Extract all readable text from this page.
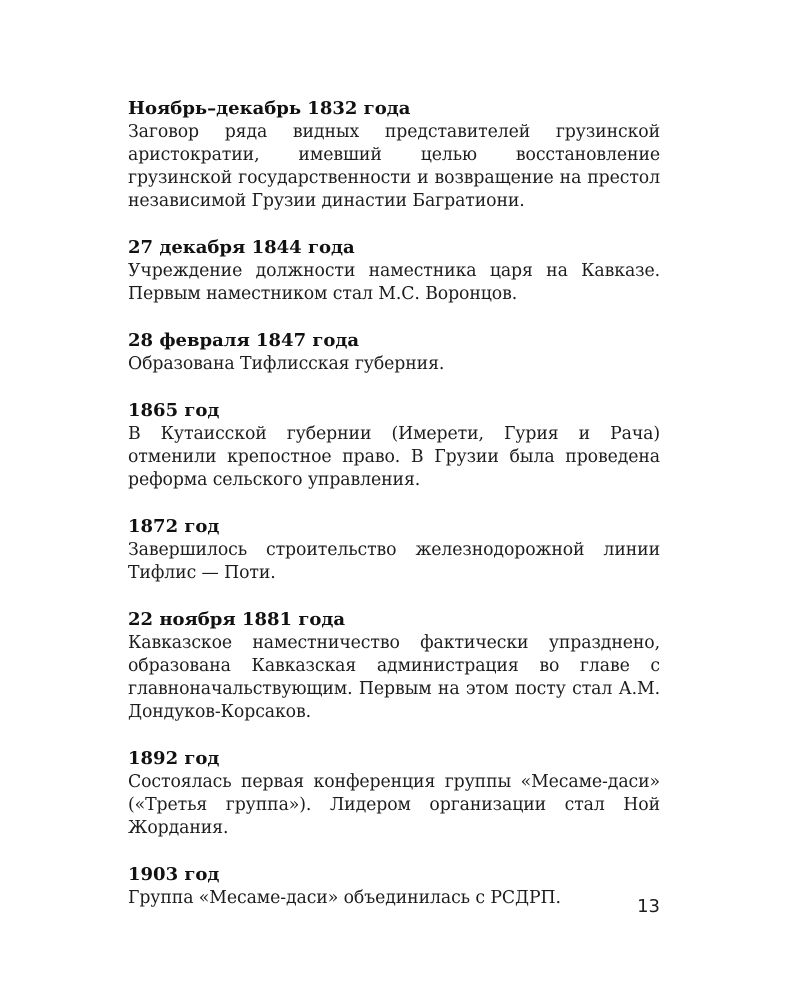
Ноябрь–декабрь 1832 года

Заговор ряда видных представителей грузинской аристократии, имевший целью восстановление грузинской государственности и возвращение на престол независимой Грузии династии Багратиони.

27 декабря 1844 года

Учреждение должности наместника царя на Кавказе. Первым наместником стал М.С. Воронцов.

28 февраля 1847 года

Образована Тифлисская губерния.

1865 год

В Кутаисской губернии (Имерети, Гурия и Рача) отменили крепостное право. В Грузии была проведена реформа сельского управления.

1872 год

Завершилось строительство железнодорожной линии Тифлис — Поти.

22 ноября 1881 года

Кавказское наместничество фактически упразднено, образована Кавказская администрация во главе с главноначальствующим. Первым на этом посту стал А.М. Дондуков-Корсаков.

1892 год

Состоялась первая конференция группы «Месаме-даси» («Третья группа»). Лидером организации стал Ной Жордания.

1903 год

Группа «Месаме-даси» объединилась с РСДРП.	13
